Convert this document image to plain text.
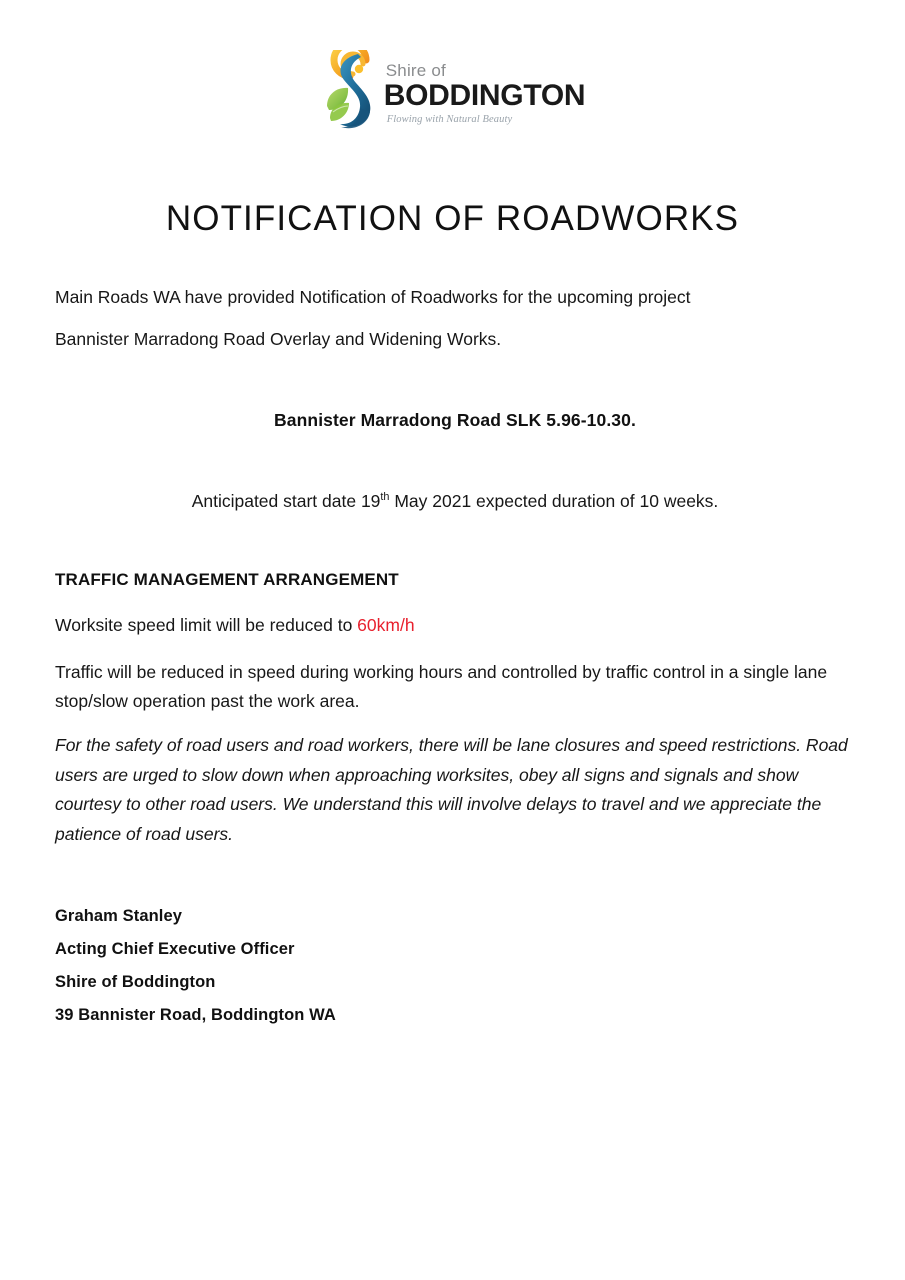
Shire of
BODDINGTON
Flowing with Natural Beauty
NOTIFICATION OF ROADWORKS

Main Roads WA have provided Notification of Roadworks for the upcoming project
Bannister Marradong Road Overlay and Widening Works.

Bannister Marradong Road SLK 5.96-10.30.

Anticipated start date 19th May 2021 expected duration of 10 weeks.

TRAFFIC MANAGEMENT ARRANGEMENT

Worksite speed limit will be reduced to 60km/h

Traffic will be reduced in speed during working hours and controlled by traffic control in a single lane stop/slow operation past the work area.

For the safety of road users and road workers, there will be lane closures and speed restrictions. Road users are urged to slow down when approaching worksites, obey all signs and signals and show courtesy to other road users. We understand this will involve delays to travel and we appreciate the patience of road users.

Graham Stanley
Acting Chief Executive Officer
Shire of Boddington
39 Bannister Road, Boddington WA
